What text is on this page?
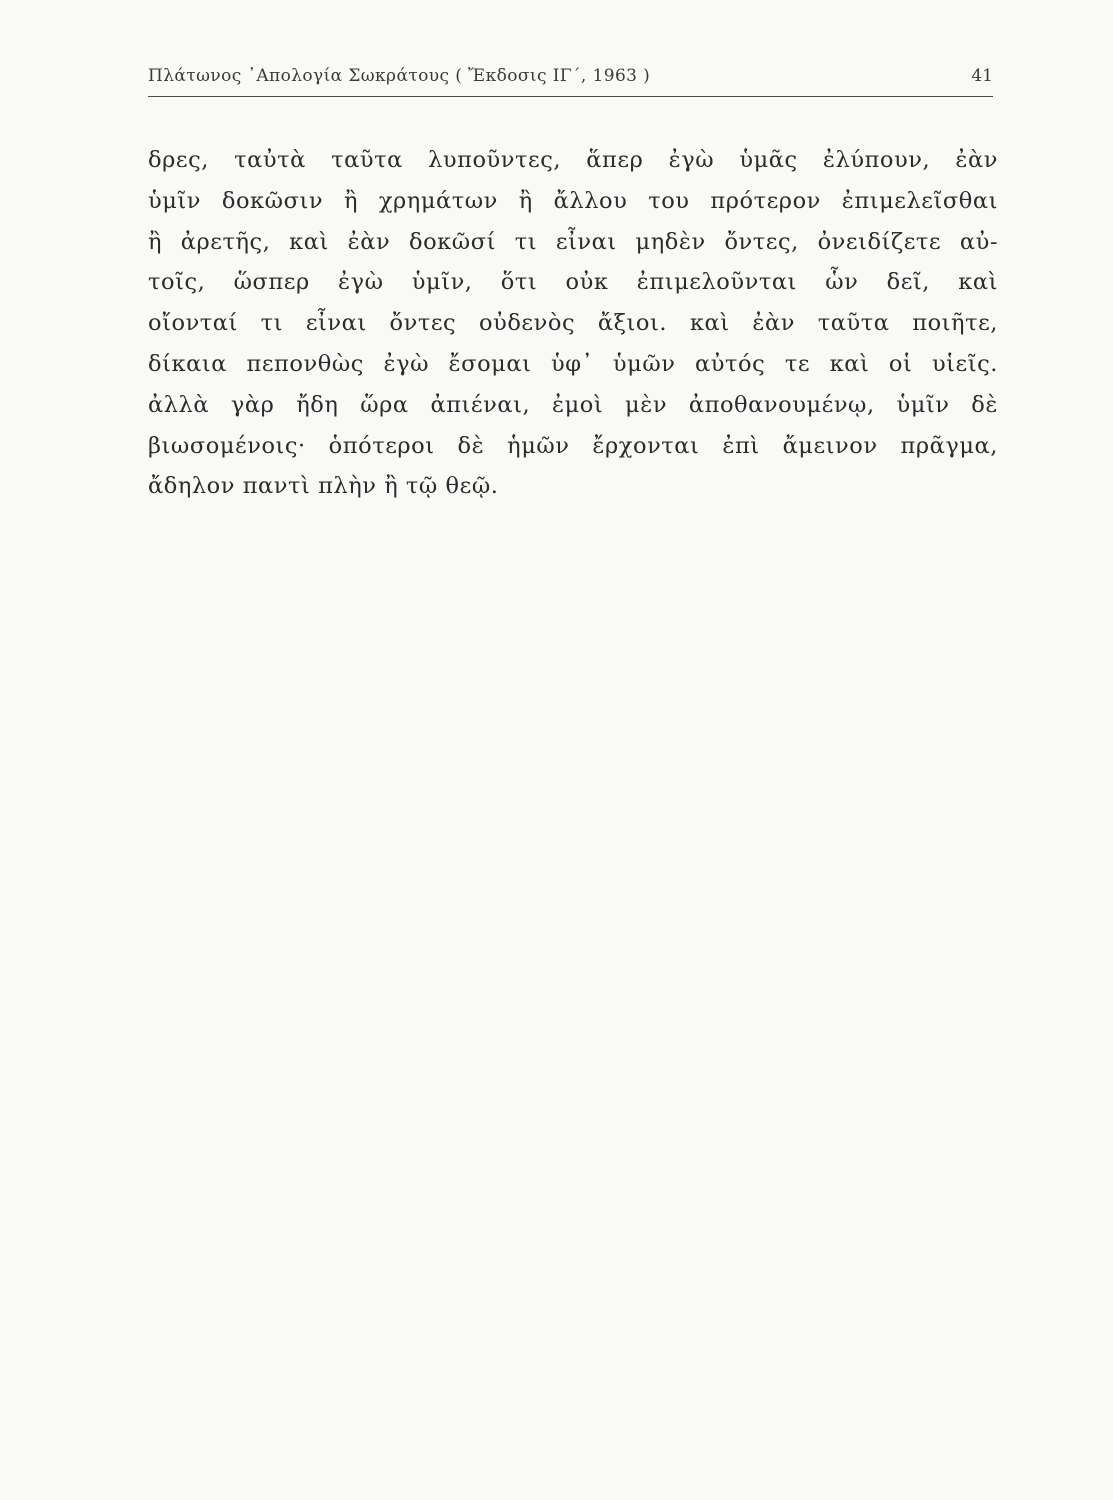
Πλάτωνος ᾿Απολογία Σωκράτους ( Ἔκδοσις ΙΓ΄, 1963 )	41
δρες, ταὐτὰ ταῦτα λυποῦντες, ἅπερ ἐγὼ ὑμᾶς ἐλύπουν, ἐὰν
ὑμῖν δοκῶσιν ἢ χρημάτων ἢ ἄλλου του πρότερον ἐπιμελεῖσθαι
ἢ ἀρετῆς, καὶ ἐὰν δοκῶσί τι εἶναι μηδὲν ὄντες, ὀνειδίζετε αὐ-
τοῖς, ὥσπερ ἐγὼ ὑμῖν, ὅτι οὐκ ἐπιμελοῦνται ὧν δεῖ, καὶ
οἴονταί τι εἶναι ὄντες οὐδενὸς ἄξιοι. καὶ ἐὰν ταῦτα ποιῆτε,
δίκαια πεπονθὼς ἐγὼ ἔσομαι ὑφ᾿ ὑμῶν αὐτός τε καὶ οἱ υἱεῖς.
ἀλλὰ γὰρ ἤδη ὥρα ἀπιέναι, ἐμοὶ μὲν ἀποθανουμένῳ, ὑμῖν δὲ
βιωσομένοις· ὁπότεροι δὲ ἡμῶν ἔρχονται ἐπὶ ἄμεινον πρᾶγμα,
ἄδηλον παντὶ πλὴν ἢ τῷ θεῷ.
